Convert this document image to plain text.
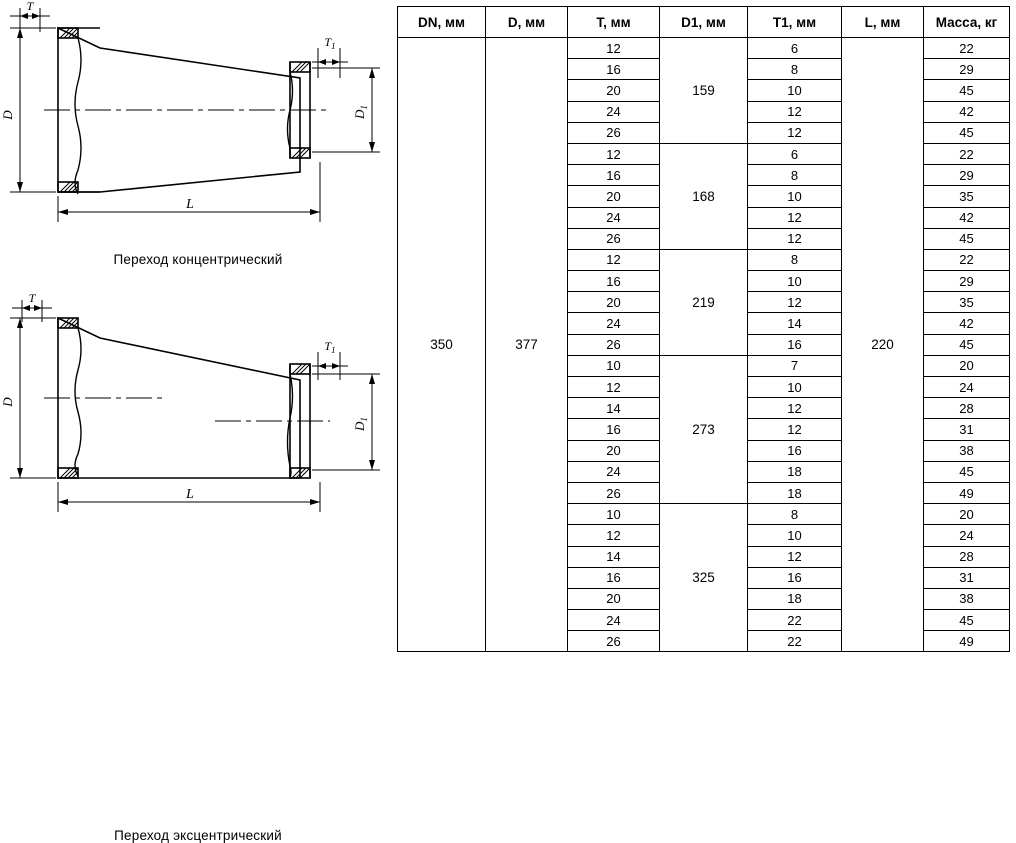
T
D
$T_1$
$D_1$
L
Переход концентрический
T
D
$T_1$
$D_1$
L
Переход эксцентрический
DN, мм	D, мм	T, мм	D1, мм	T1, мм	L, мм	Масса, кг
350	377	12	159	6	220	22
		16		8		29
		20		10		45
		24		12		42
		26		12		45
		12	168	6		22
		16		8		29
		20		10		35
		24		12		42
		26		12		45
		12	219	8		22
		16		10		29
		20		12		35
		24		14		42
		26		16		45
		10	273	7		20
		12		10		24
		14		12		28
		16		12		31
		20		16		38
		24		18		45
		26		18		49
		10	325	8		20
		12		10		24
		14		12		28
		16		16		31
		20		18		38
		24		22		45
		26		22		49
